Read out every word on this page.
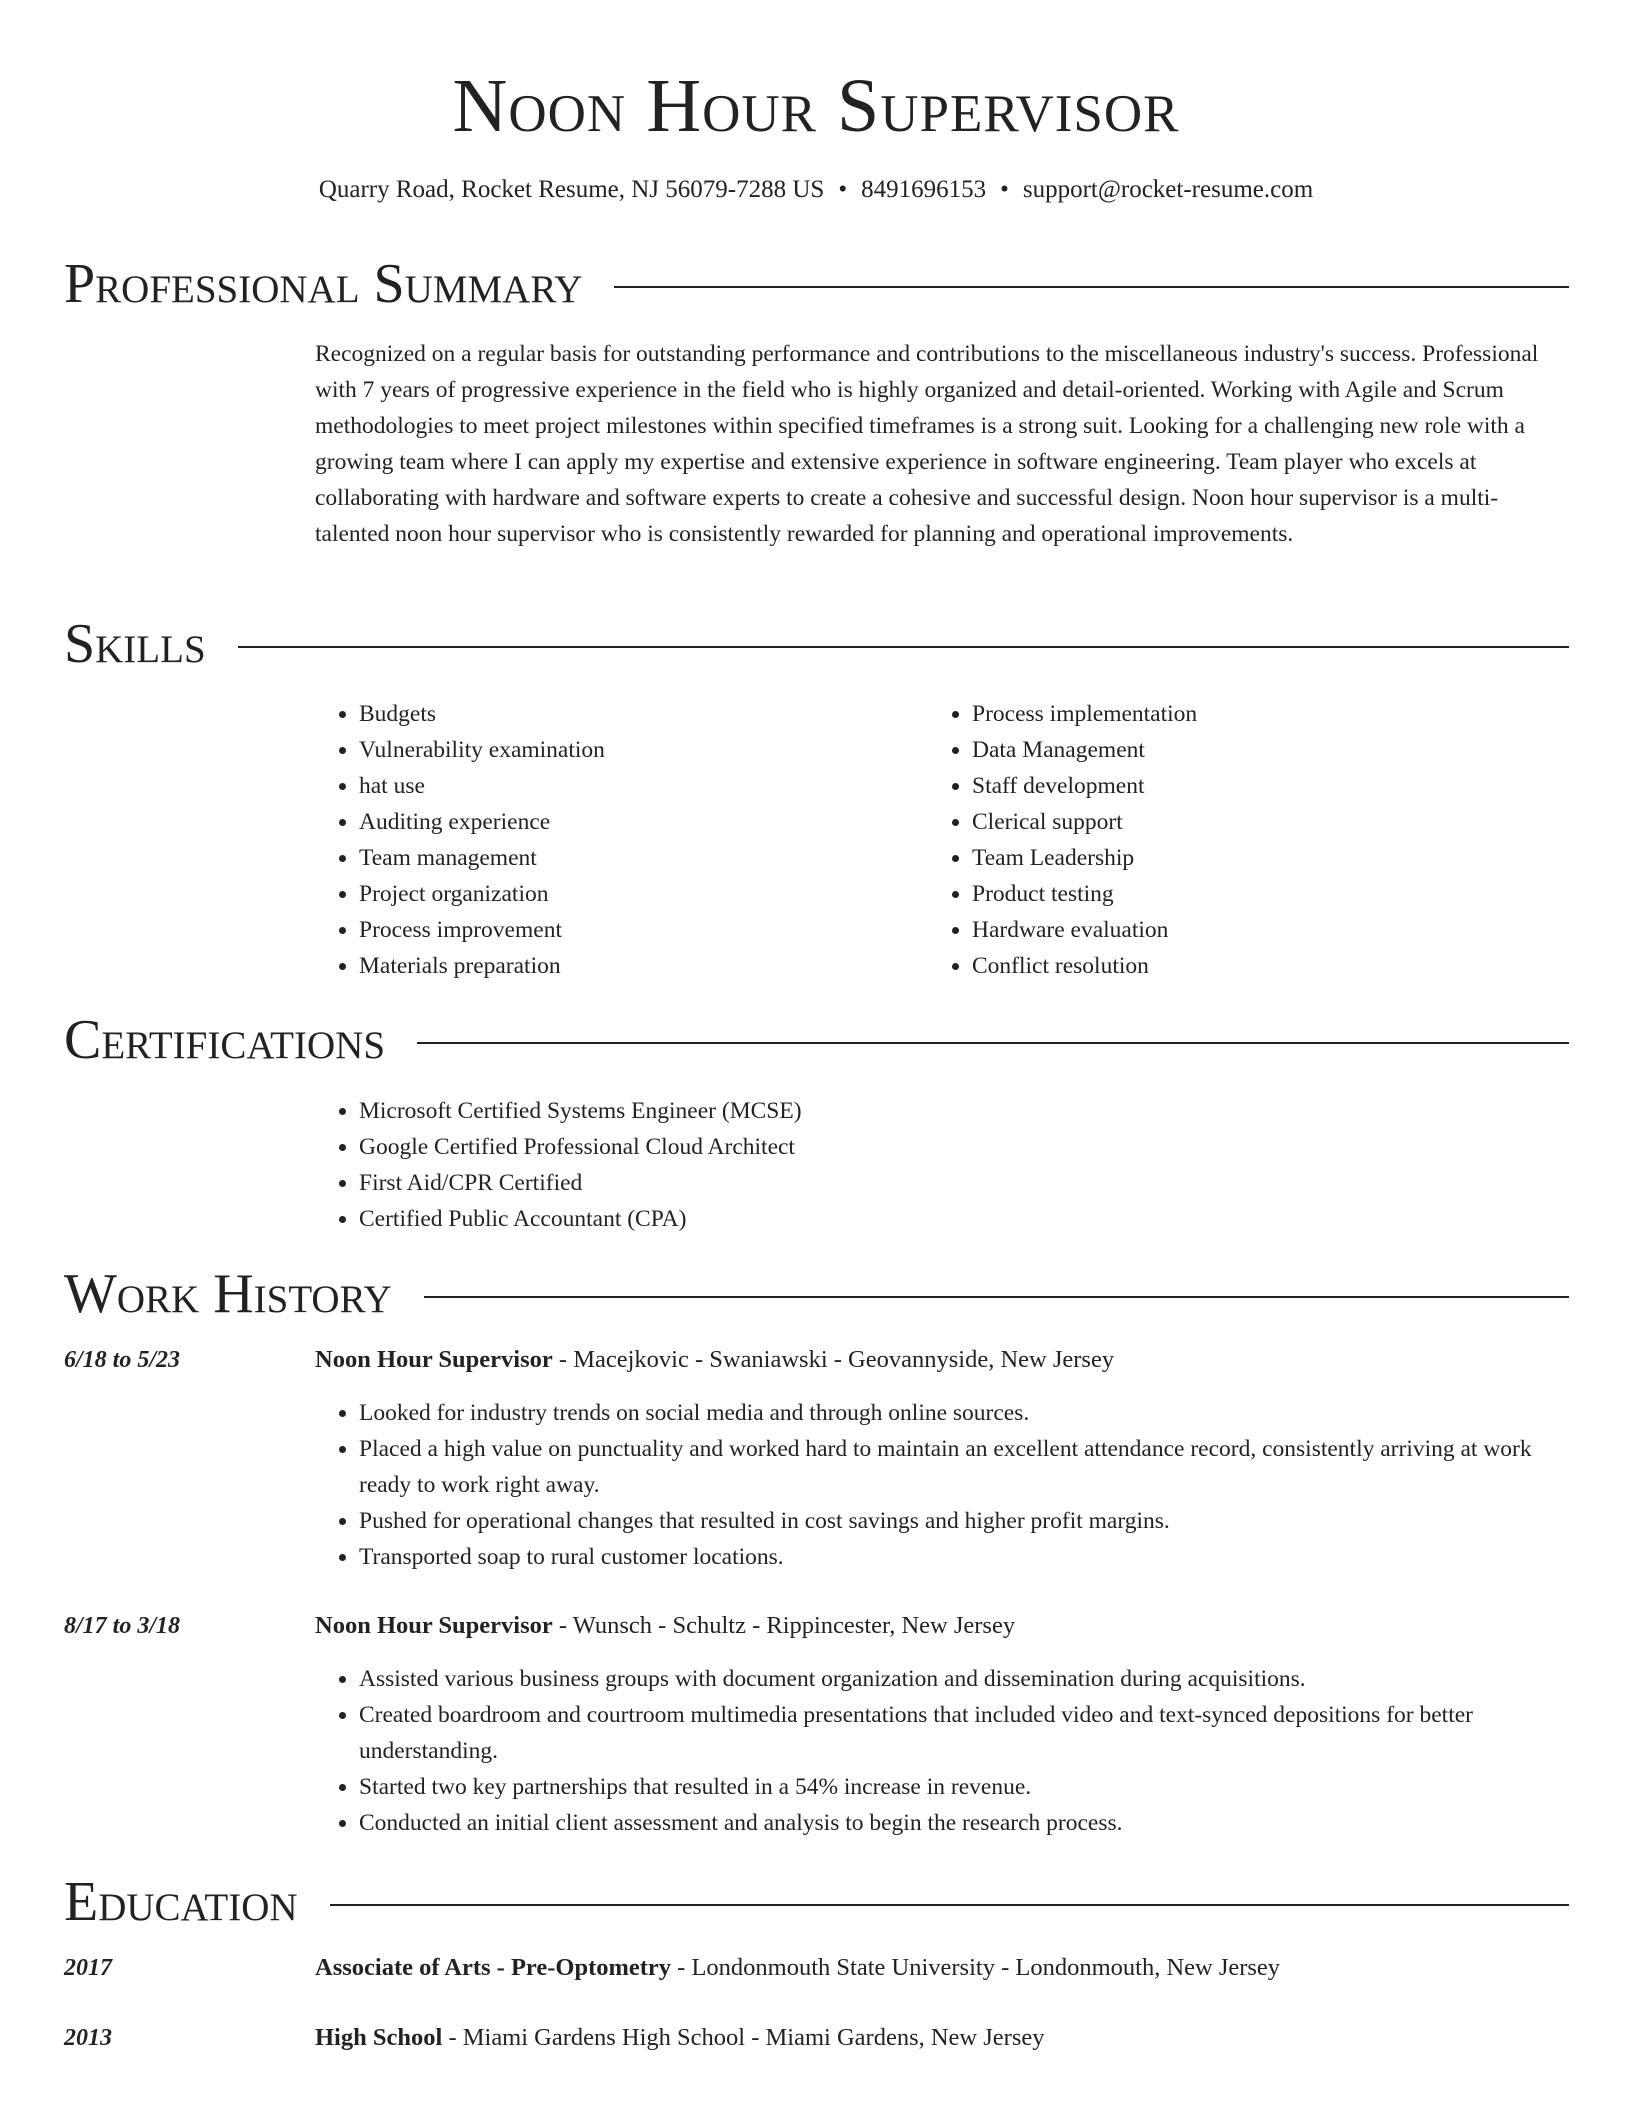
Noon Hour Supervisor
Quarry Road, Rocket Resume, NJ 56079-7288 US • 8491696153 • support@rocket-resume.com
Professional Summary
Recognized on a regular basis for outstanding performance and contributions to the miscellaneous industry's success. Professional with 7 years of progressive experience in the field who is highly organized and detail-oriented. Working with Agile and Scrum methodologies to meet project milestones within specified timeframes is a strong suit. Looking for a challenging new role with a growing team where I can apply my expertise and extensive experience in software engineering. Team player who excels at collaborating with hardware and software experts to create a cohesive and successful design. Noon hour supervisor is a multi-talented noon hour supervisor who is consistently rewarded for planning and operational improvements.
Skills
• Budgets
• Vulnerability examination
• hat use
• Auditing experience
• Team management
• Project organization
• Process improvement
• Materials preparation
• Process implementation
• Data Management
• Staff development
• Clerical support
• Team Leadership
• Product testing
• Hardware evaluation
• Conflict resolution
Certifications
• Microsoft Certified Systems Engineer (MCSE)
• Google Certified Professional Cloud Architect
• First Aid/CPR Certified
• Certified Public Accountant (CPA)
Work History
6/18 to 5/23	Noon Hour Supervisor - Macejkovic - Swaniawski - Geovannyside, New Jersey
• Looked for industry trends on social media and through online sources.
• Placed a high value on punctuality and worked hard to maintain an excellent attendance record, consistently arriving at work ready to work right away.
• Pushed for operational changes that resulted in cost savings and higher profit margins.
• Transported soap to rural customer locations.
8/17 to 3/18	Noon Hour Supervisor - Wunsch - Schultz - Rippincester, New Jersey
• Assisted various business groups with document organization and dissemination during acquisitions.
• Created boardroom and courtroom multimedia presentations that included video and text-synced depositions for better understanding.
• Started two key partnerships that resulted in a 54% increase in revenue.
• Conducted an initial client assessment and analysis to begin the research process.
Education
2017	Associate of Arts - Pre-Optometry - Londonmouth State University - Londonmouth, New Jersey
2013	High School - Miami Gardens High School - Miami Gardens, New Jersey
